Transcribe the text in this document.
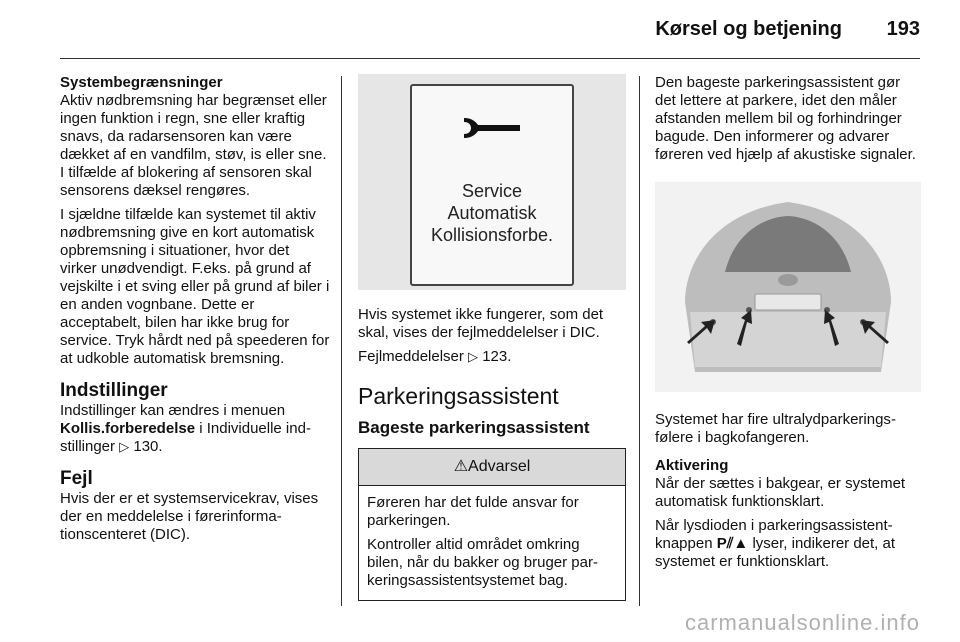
Kørsel og betjening 193
Systembegrænsninger

Aktiv nødbremsning har begrænset eller ingen funktion i regn, sne eller kraftig snavs, da radarsensoren kan være dækket af en vandfilm, støv, is eller sne. I tilfælde af blokering af sensoren skal sensorens dæksel rengøres.

I sjældne tilfælde kan systemet til aktiv nødbremsning give en kort automatisk opbremsning i situationer, hvor det virker unødvendigt. F.eks. på grund af vejskilte i et sving eller på grund af biler i en anden vognbane. Dette er acceptabelt, bilen har ikke brug for service. Tryk hårdt ned på speederen for at udkoble automatisk bremsning.

Indstillinger

Indstillinger kan ændres i menuen Kollis.forberedelse i Individuelle indstillinger ▷ 130.

Fejl

Hvis der er et systemservicekrav, vises der en meddelelse i førerinformationscenteret (DIC).

Service
Automatisk
Kollisionsforbe.

Hvis systemet ikke fungerer, som det skal, vises der fejlmeddelelser i DIC.

Fejlmeddelelser ▷ 123.

Parkeringsassistent
Bageste parkeringsassistent
⚠Advarsel

Føreren har det fulde ansvar for parkeringen.

Kontroller altid området omkring bilen, når du bakker og bruger parkeringsassistentsystemet bag.

Den bageste parkeringsassistent gør det lettere at parkere, idet den måler afstanden mellem bil og forhindringer bagude. Den informerer og advarer føreren ved hjælp af akustiske signaler.

Systemet har fire ultralydparkeringsfølere i bagkofangeren.

Aktivering

Når der sættes i bakgear, er systemet automatisk funktionsklart.

Når lysdioden i parkeringsassistentknappen P⫽▲ lyser, indikerer det, at systemet er funktionsklart.

carmanualsonline.info
